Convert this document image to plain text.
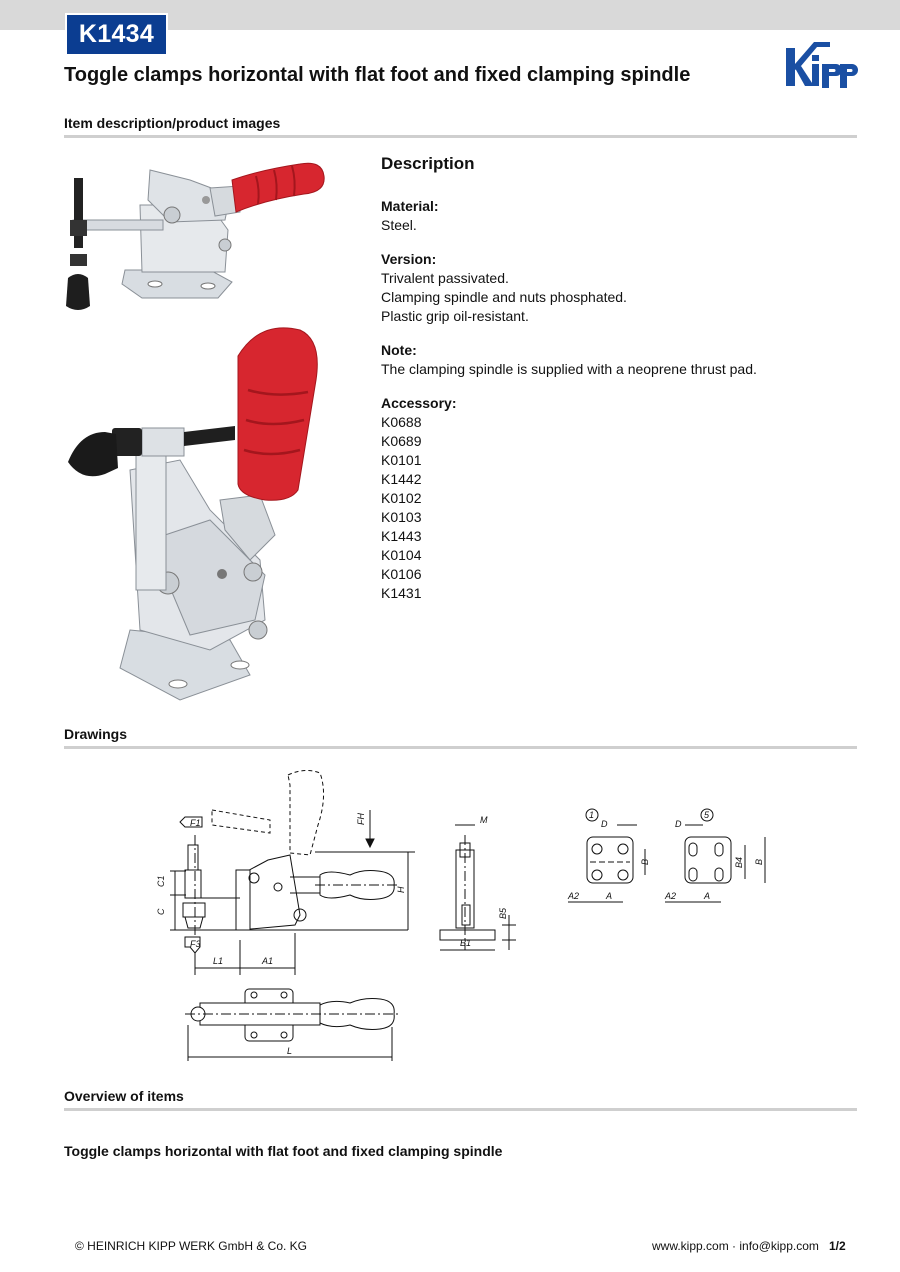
K1434
Toggle clamps horizontal with flat foot and fixed clamping spindle
Item description/product images
Description
Material:
Steel.
Version:
Trivalent passivated.
Clamping spindle and nuts phosphated.
Plastic grip oil-resistant.
Note:
The clamping spindle is supplied with a neoprene thrust pad.
Accessory:
K0688
K0689
K0101
K1442
K0102
K0103
K1443
K0104
K0106
K1431
Drawings
F1
F3
FH
C1
C
H
L1	A1
L
M
B5
B1
1
D
B
A2	A
5
D
B4 B
A2	A
Overview of items
Toggle clamps horizontal with flat foot and fixed clamping spindle
© HEINRICH KIPP WERK GmbH & Co. KG	www.kipp.com · info@kipp.com 1/2
